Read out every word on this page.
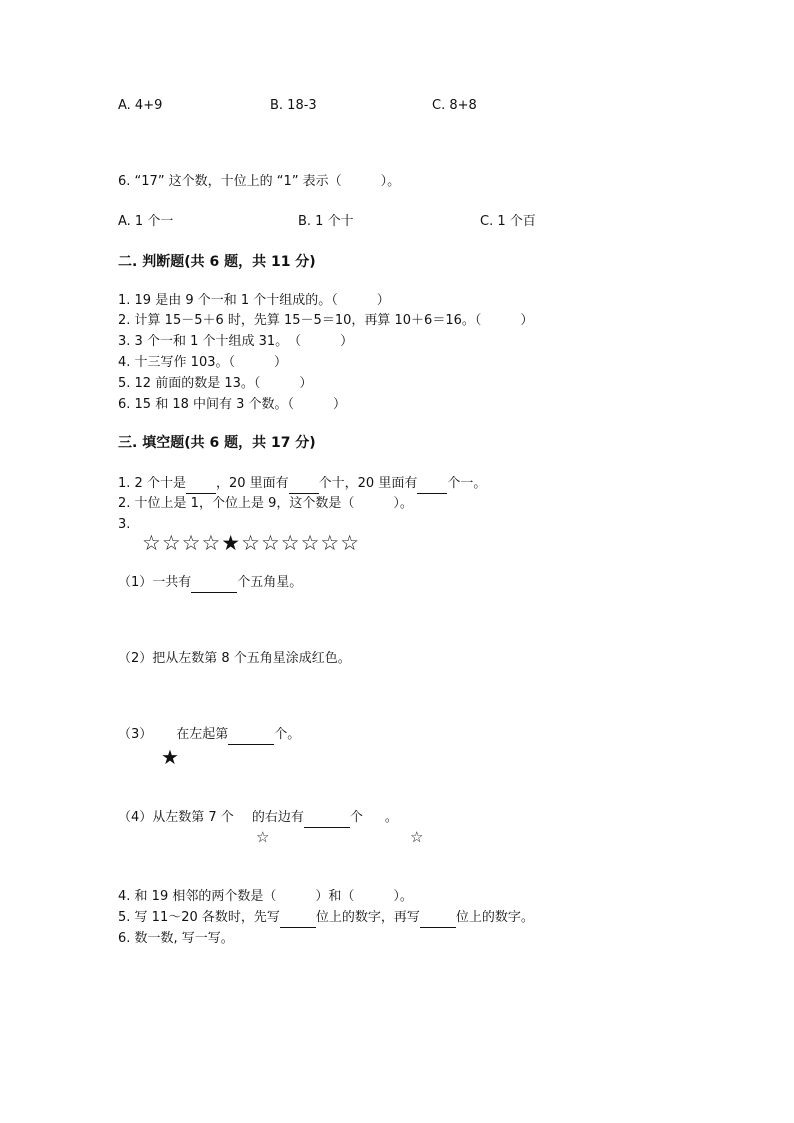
A. 4+9	B. 18-3	C. 8+8
6. “17” 这个数，十位上的 “1” 表示（　　　）。
A. 1 个一	B. 1 个十	C. 1 个百
二. 判断题(共 6 题，共 11 分)
1. 19 是由 9 个一和 1 个十组成的。（　　　）
2. 计算 15－5＋6 时，先算 15－5＝10，再算 10＋6＝16。（　　　）
3. 3 个一和 1 个十组成 31。　（　　　）
4. 十三写作 103。（　　　）
5. 12 前面的数是 13。（　　　）
6. 15 和 18 中间有 3 个数。（　　　）
三. 填空题(共 6 题，共 17 分)
1. 2 个十是 ，20 里面有 个十，20 里面有 个一。
2. 十位上是 1，个位上是 9，这个数是（　　　）。
3.
☆☆☆☆★☆☆☆☆☆☆
（1）一共有	个五角星。
（2）把从左数第 8 个五角星涂成红色。
（3） 在左起第	个。
★
（4）从左数第 7 个 的右边有	个 。
☆	☆
4. 和 19 相邻的两个数是（　　　）和（　　　）。
5. 写 11～20 各数时，先写	位上的数字，再写	位上的数字。
6. 数一数, 写一写。
